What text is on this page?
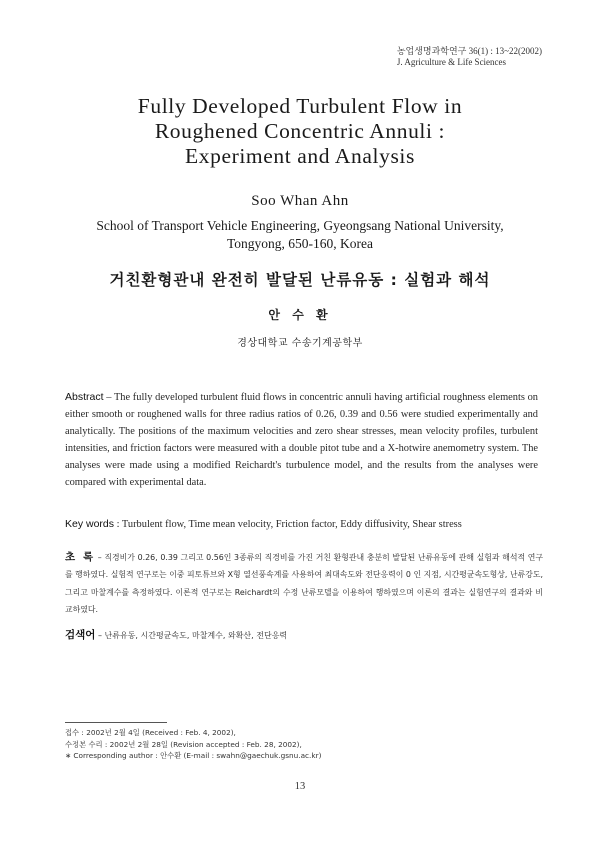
농업생명과학연구 36(1) : 13~22(2002)
J. Agriculture & Life Sciences
Fully Developed Turbulent Flow in
Roughened Concentric Annuli :
Experiment and Analysis
Soo Whan Ahn
School of Transport Vehicle Engineering, Gyeongsang National University,
Tongyong, 650-160, Korea
거친환형관내 완전히 발달된 난류유동 : 실험과 해석
안 수 환
경상대학교 수송기계공학부
Abstract – The fully developed turbulent fluid flows in concentric annuli having artificial roughness elements on either smooth or roughened walls for three radius ratios of 0.26, 0.39 and 0.56 were studied experimentally and analytically. The positions of the maximum velocities and zero shear stresses, mean velocity profiles, turbulent intensities, and friction factors were measured with a double pitot tube and a X-hotwire anemometry system. The analyses were made using a modified Reichardt's turbulence model, and the results from the analyses were compared with experimental data.
Key words : Turbulent flow, Time mean velocity, Friction factor, Eddy diffusivity, Shear stress
초 록 – 직경비가 0.26, 0.39 그리고 0.56인 3종류의 직경비를 가진 거친 환형관내 충분히 발달된 난류유동에 관해 실험과 해석적 연구를 행하였다. 실험적 연구로는 이중 피토튜브와 X형 열선풍속계를 사용하여 최대속도와 전단응력이 0 인 지점, 시간평균속도형상, 난류강도, 그리고 마찰계수를 측정하였다. 이론적 연구로는 Reichardt의 수정 난류모델을 이용하여 행하였으며 이론의 결과는 실험연구의 결과와 비교하였다.
검색어 – 난류유동, 시간평균속도, 마찰계수, 와확산, 전단응력
접수 : 2002년 2월 4일 (Received : Feb. 4, 2002),
수정본 수리 : 2002년 2월 28일 (Revision accepted : Feb. 28, 2002),
∗ Corresponding author : 안수환 (E-mail : swahn@gaechuk.gsnu.ac.kr)
13
